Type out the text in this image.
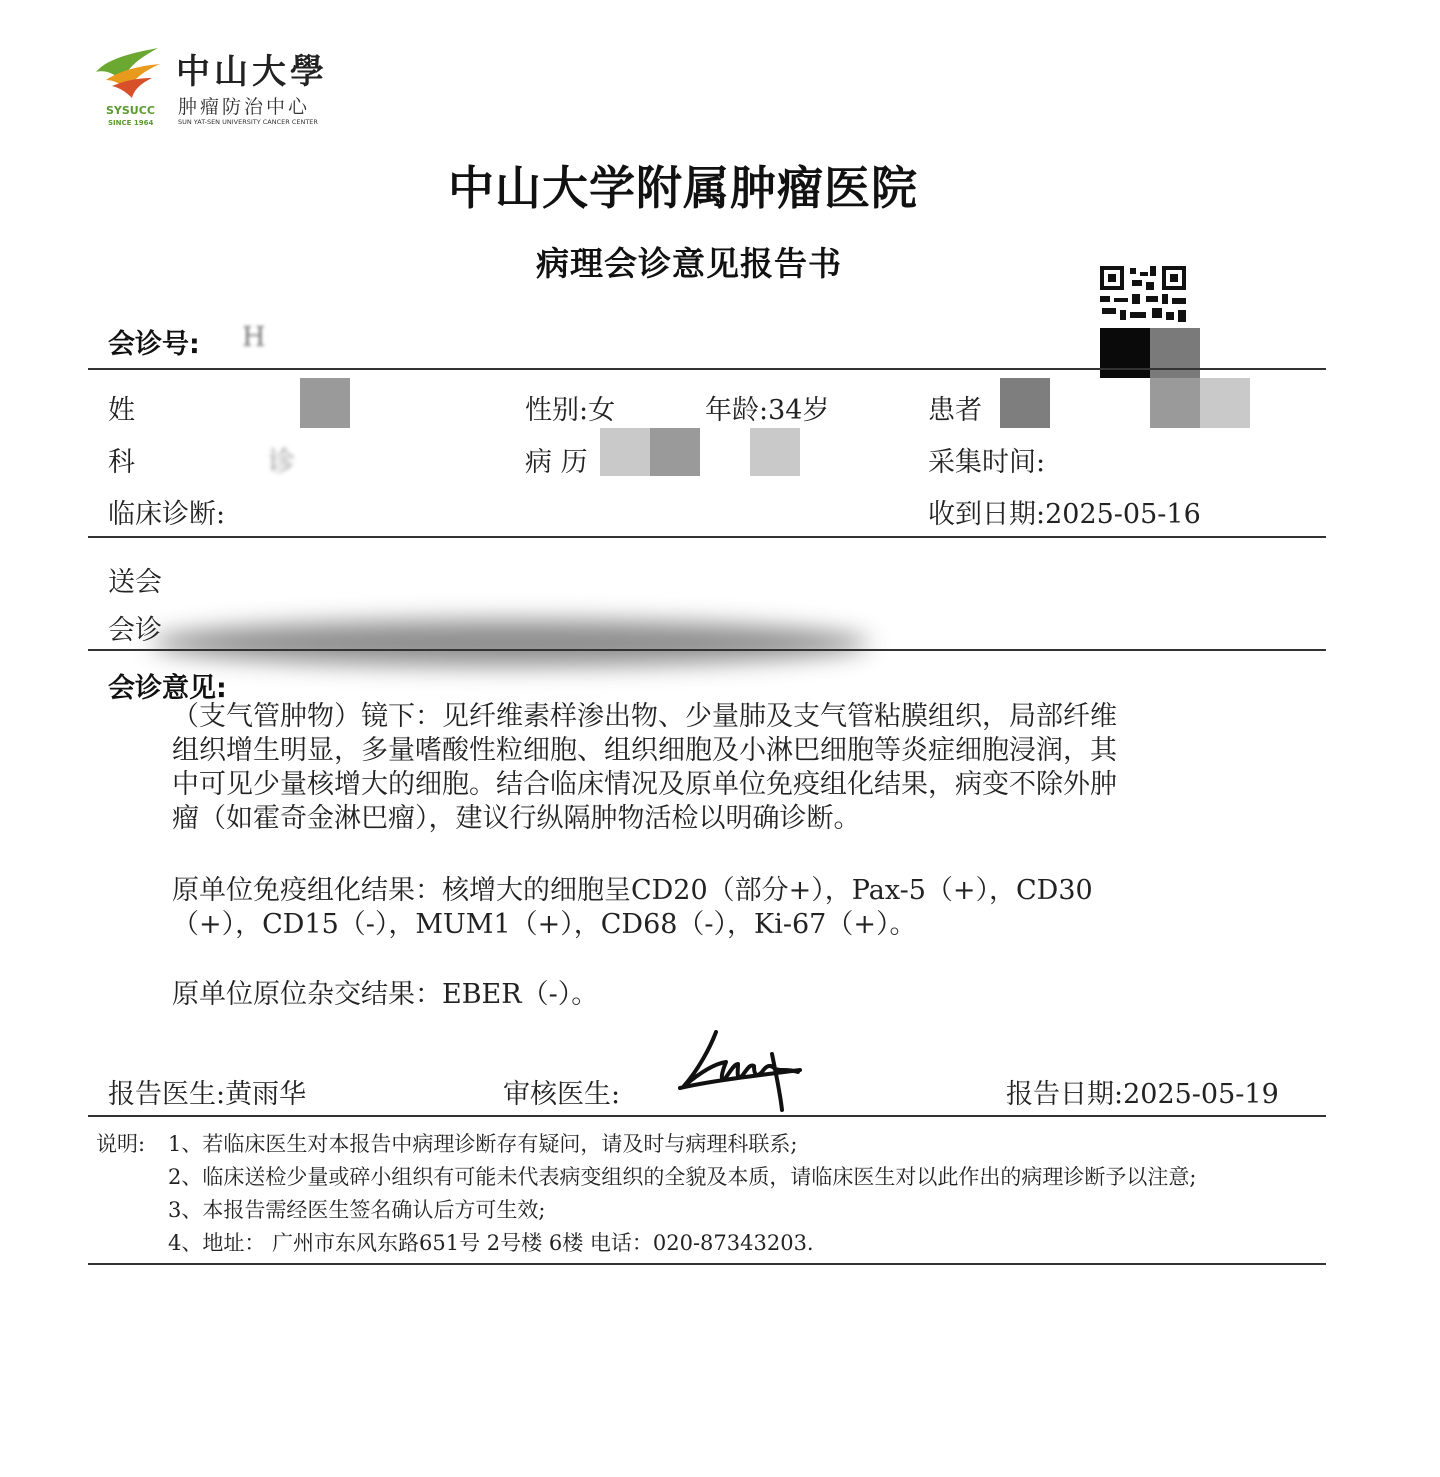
SYSUCC
SINCE 1964
中山大學
肿瘤防治中心
SUN YAT-SEN UNIVERSITY CANCER CENTER
中山大学附属肿瘤医院
病理会诊意见报告书
会诊号: H
姓	性别:女	年龄:34岁	患者
科	诊	病 历	采集时间:
临床诊断:	收到日期:2025-05-16
送会
会诊
会诊意见:
（支气管肿物）镜下：见纤维素样渗出物、少量肺及支气管粘膜组织，局部纤维
组织增生明显，多量嗜酸性粒细胞、组织细胞及小淋巴细胞等炎症细胞浸润，其
中可见少量核增大的细胞。结合临床情况及原单位免疫组化结果，病变不除外肿
瘤（如霍奇金淋巴瘤），建议行纵隔肿物活检以明确诊断。
原单位免疫组化结果：核增大的细胞呈CD20（部分+），Pax-5（+），CD30
（+），CD15（-），MUM1（+），CD68（-），Ki-67（+）。
原单位原位杂交结果：EBER（-）。
报告医生:黄雨华	审核医生:	报告日期:2025-05-19
说明: 1、若临床医生对本报告中病理诊断存有疑问，请及时与病理科联系;
2、临床送检少量或碎小组织有可能未代表病变组织的全貌及本质，请临床医生对以此作出的病理诊断予以注意;
3、本报告需经医生签名确认后方可生效;
4、地址： 广州市东风东路651号 2号楼 6楼 电话：020-87343203.
